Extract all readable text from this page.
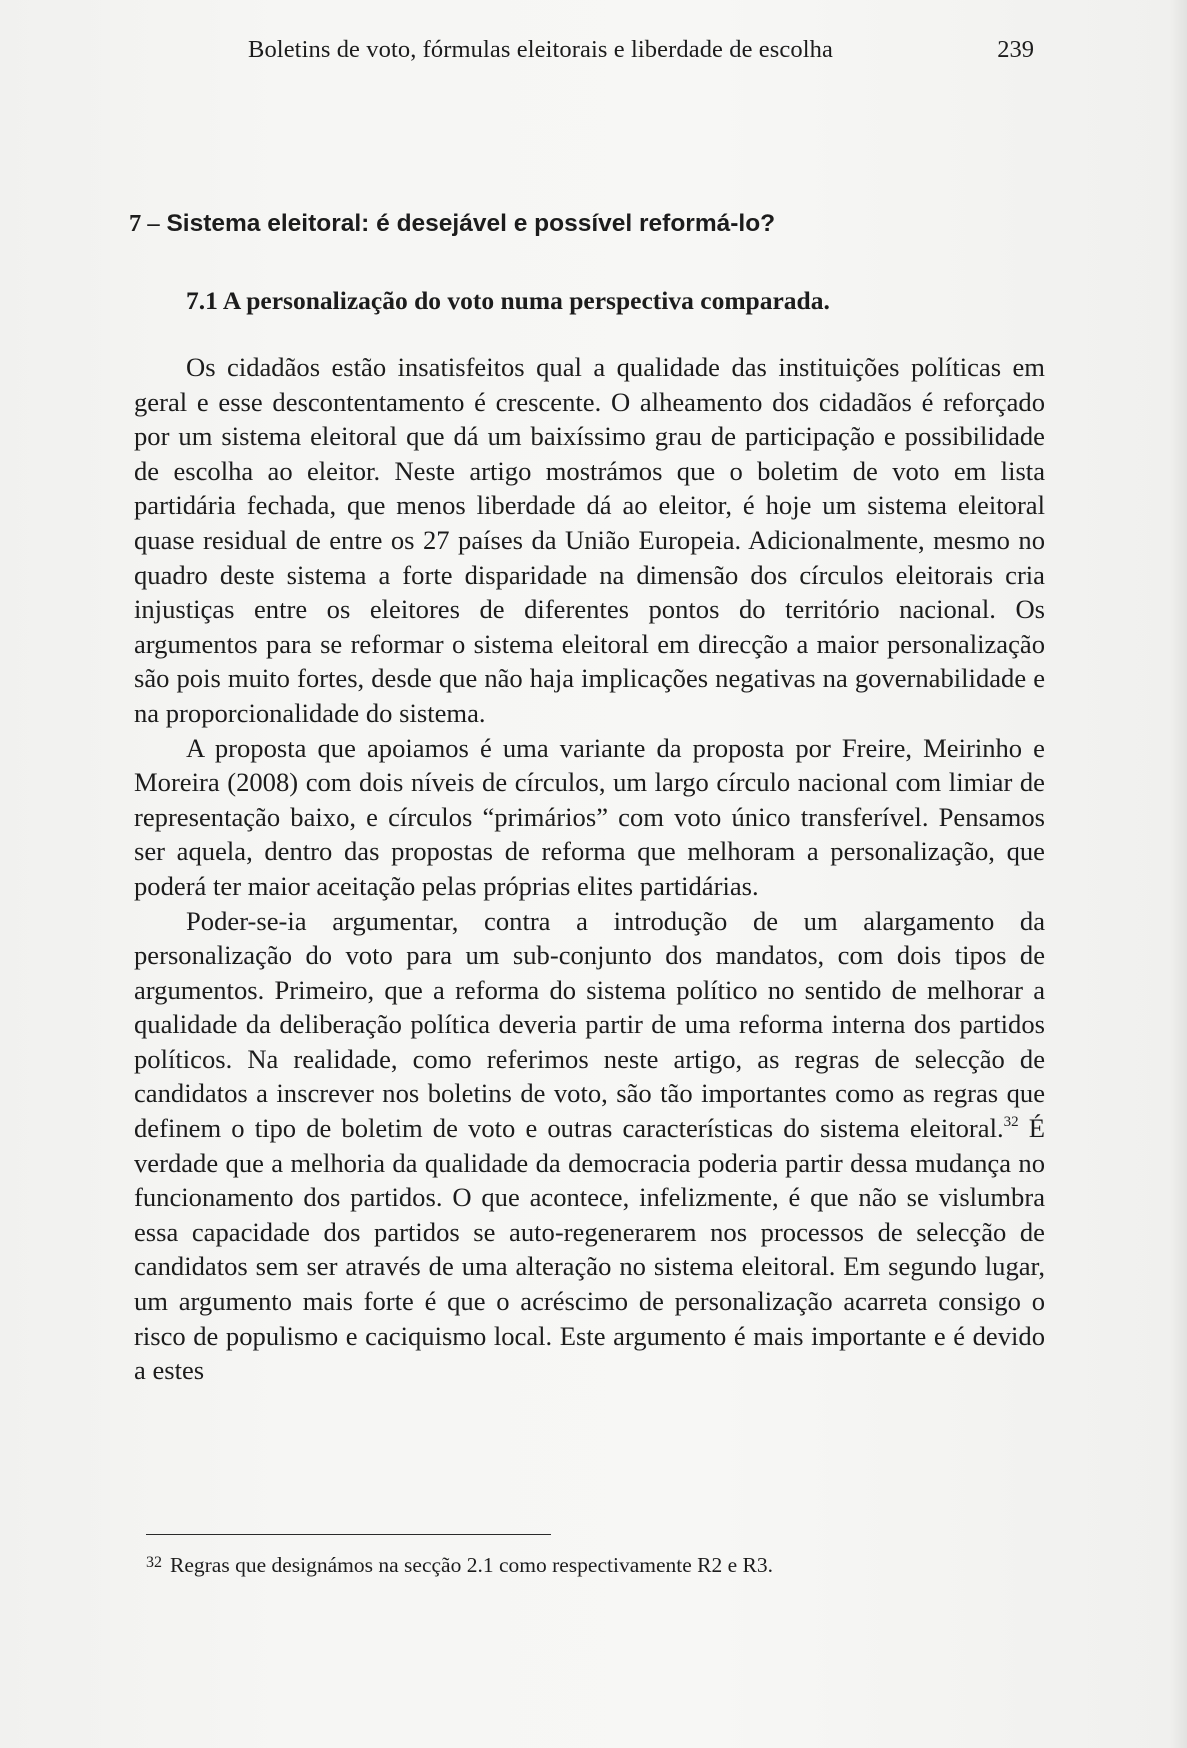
Boletins de voto, fórmulas eleitorais e liberdade de escolha	239
7 – Sistema eleitoral: é desejável e possível reformá-lo?
7.1 A personalização do voto numa perspectiva comparada.

Os cidadãos estão insatisfeitos qual a qualidade das instituições políticas em geral e esse descontentamento é crescente. O alheamento dos cidadãos é reforçado por um sistema eleitoral que dá um baixíssimo grau de participação e possibilidade de escolha ao eleitor. Neste artigo mostrámos que o boletim de voto em lista partidária fechada, que menos liberdade dá ao eleitor, é hoje um sistema eleitoral quase residual de entre os 27 países da União Europeia. Adicionalmente, mesmo no quadro deste sistema a forte disparidade na dimensão dos círculos eleitorais cria injustiças entre os eleitores de diferentes pontos do território nacional. Os argumentos para se reformar o sistema eleitoral em direcção a maior personalização são pois muito fortes, desde que não haja implicações negativas na governabilidade e na proporcionalidade do sistema.

A proposta que apoiamos é uma variante da proposta por Freire, Meirinho e Moreira (2008) com dois níveis de círculos, um largo círculo nacional com limiar de representação baixo, e círculos “primários” com voto único transferível. Pensamos ser aquela, dentro das propostas de reforma que melhoram a personalização, que poderá ter maior aceitação pelas próprias elites partidárias.

Poder-se-ia argumentar, contra a introdução de um alargamento da personalização do voto para um sub-conjunto dos mandatos, com dois tipos de argumentos. Primeiro, que a reforma do sistema político no sentido de melhorar a qualidade da deliberação política deveria partir de uma reforma interna dos partidos políticos. Na realidade, como referimos neste artigo, as regras de selecção de candidatos a inscrever nos boletins de voto, são tão importantes como as regras que definem o tipo de boletim de voto e outras características do sistema eleitoral.$^{32}$ É verdade que a melhoria da qualidade da democracia poderia partir dessa mudança no funcionamento dos partidos. O que acontece, infelizmente, é que não se vislumbra essa capacidade dos partidos se auto-regenerarem nos processos de selecção de candidatos sem ser através de uma alteração no sistema eleitoral. Em segundo lugar, um argumento mais forte é que o acréscimo de personalização acarreta consigo o risco de populismo e caciquismo local. Este argumento é mais importante e é devido a estes

$^{32}$ Regras que designámos na secção 2.1 como respectivamente R2 e R3.
